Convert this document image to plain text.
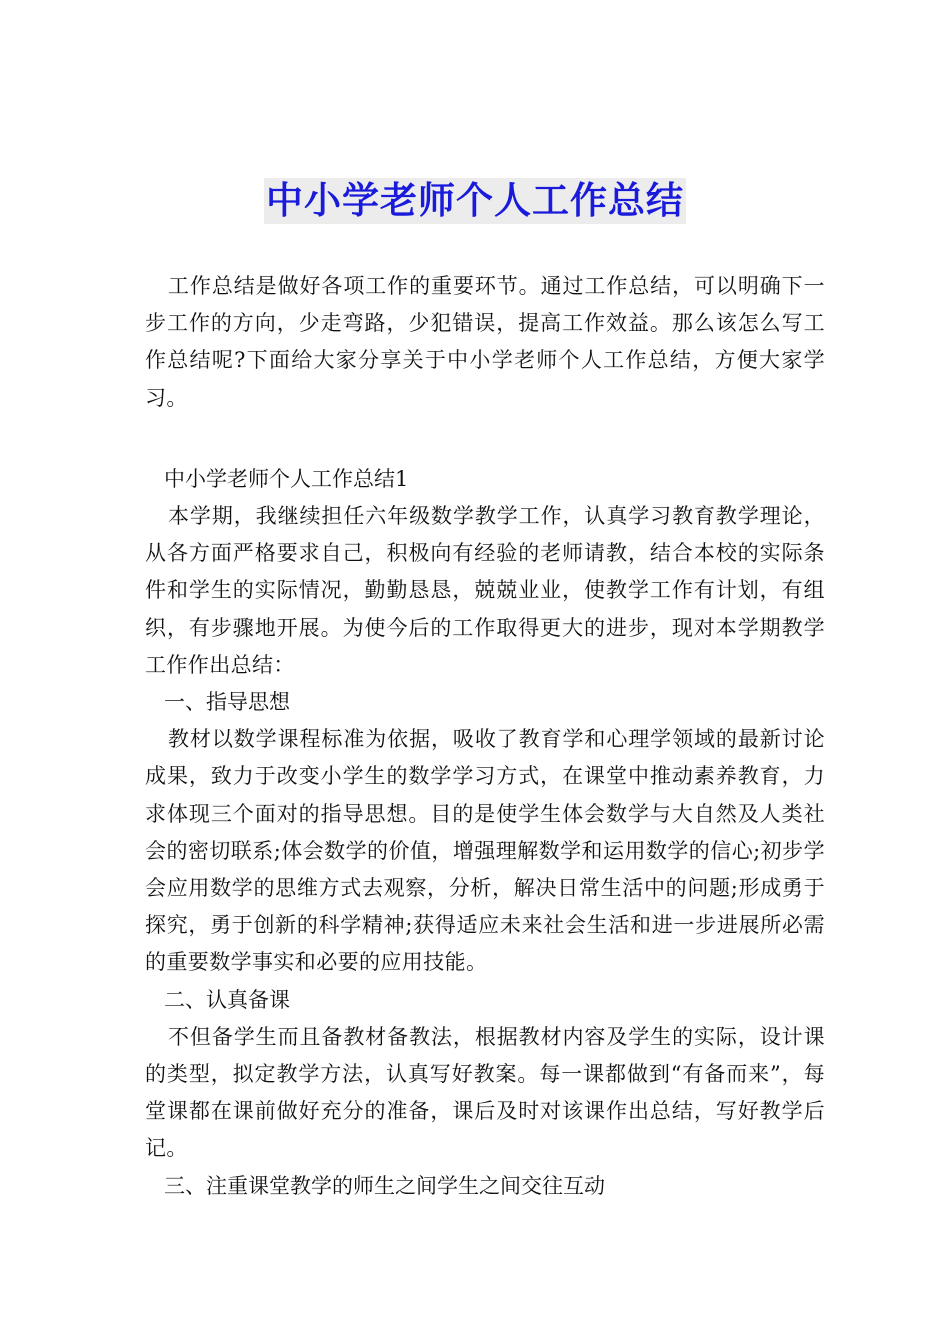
中小学老师个人工作总结

工作总结是做好各项工作的重要环节。通过工作总结，可以明确下一步工作的方向，少走弯路，少犯错误，提高工作效益。那么该怎么写工作总结呢?下面给大家分享关于中小学老师个人工作总结，方便大家学习。

中小学老师个人工作总结1

本学期，我继续担任六年级数学教学工作，认真学习教育教学理论，从各方面严格要求自己，积极向有经验的老师请教，结合本校的实际条件和学生的实际情况，勤勤恳恳，兢兢业业，使教学工作有计划，有组织，有步骤地开展。为使今后的工作取得更大的进步，现对本学期教学工作作出总结：

一、指导思想

教材以数学课程标准为依据，吸收了教育学和心理学领域的最新讨论成果，致力于改变小学生的数学学习方式，在课堂中推动素养教育，力求体现三个面对的指导思想。目的是使学生体会数学与大自然及人类社会的密切联系;体会数学的价值，增强理解数学和运用数学的信心;初步学会应用数学的思维方式去观察，分析，解决日常生活中的问题;形成勇于探究，勇于创新的科学精神;获得适应未来社会生活和进一步进展所必需的重要数学事实和必要的应用技能。

二、认真备课

不但备学生而且备教材备教法，根据教材内容及学生的实际，设计课的类型，拟定教学方法，认真写好教案。每一课都做到“有备而来”，每堂课都在课前做好充分的准备，课后及时对该课作出总结，写好教学后记。

三、注重课堂教学的师生之间学生之间交往互动
